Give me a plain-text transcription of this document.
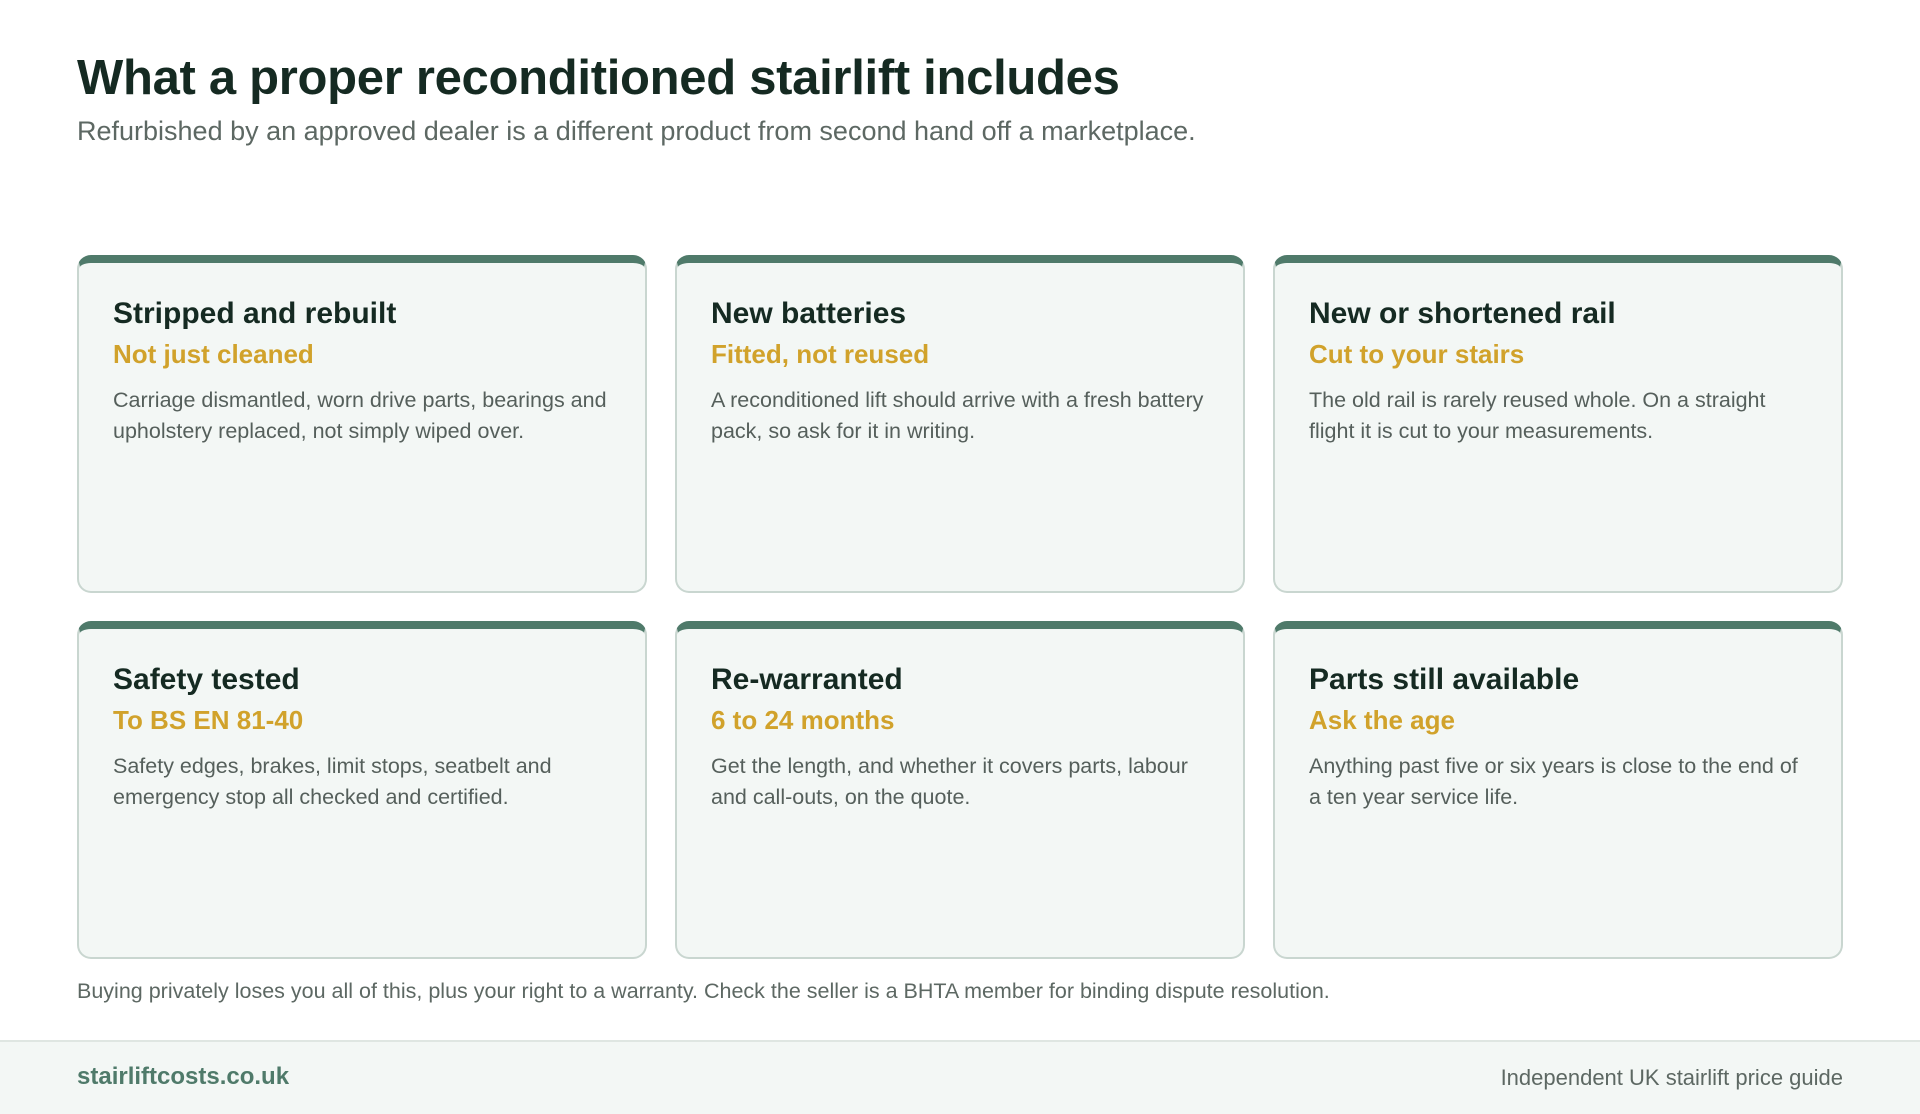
What a proper reconditioned stairlift includes

Refurbished by an approved dealer is a different product from second hand off a marketplace.

Stripped and rebuilt

Not just cleaned

Carriage dismantled, worn drive parts, bearings and upholstery replaced, not simply wiped over.

New batteries

Fitted, not reused

A reconditioned lift should arrive with a fresh battery pack, so ask for it in writing.

New or shortened rail

Cut to your stairs

The old rail is rarely reused whole. On a straight flight it is cut to your measurements.

Safety tested

To BS EN 81-40

Safety edges, brakes, limit stops, seatbelt and emergency stop all checked and certified.

Re-warranted

6 to 24 months

Get the length, and whether it covers parts, labour and call-outs, on the quote.

Parts still available

Ask the age

Anything past five or six years is close to the end of a ten year service life.

Buying privately loses you all of this, plus your right to a warranty. Check the seller is a BHTA member for binding dispute resolution.

stairliftcosts.co.uk	Independent UK stairlift price guide
